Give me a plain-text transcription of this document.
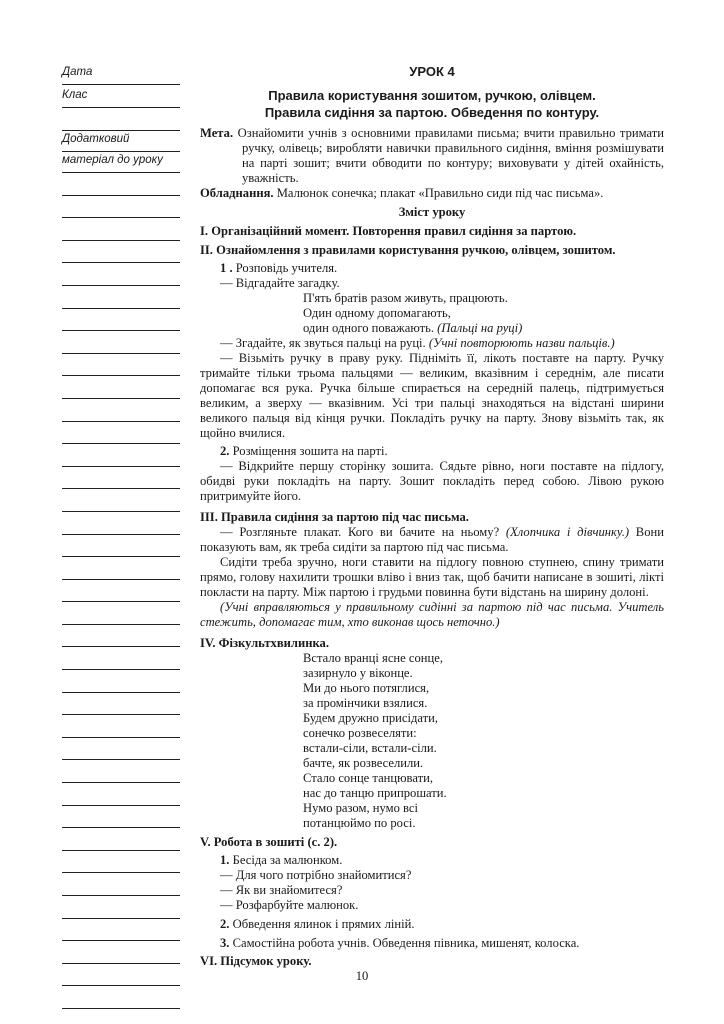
Дата
Клас
Додатковий
матеріал до уроку
УРОК 4
Правила користування зошитом, ручкою, олівцем.
Правила сидіння за партою. Обведення по контуру.
Мета. Ознайомити учнів з основними правилами письма; вчити правильно тримати ручку, олівець; виробляти навички правильного сидіння, вміння розмішувати на парті зошит; вчити обводити по контуру; виховувати у дітей охайність, уважність.
Обладнання. Малюнок сонечка; плакат «Правильно сиди під час письма».
Зміст уроку
І. Організаційний момент. Повторення правил сидіння за партою.
ІІ. Ознайомлення з правилами користування ручкою, олівцем, зошитом.
1 . Розповідь учителя.
— Відгадайте загадку.
П'ять братів разом живуть, працюють.
Один одному допомагають,
один одного поважають. (Пальці на руці)
— Згадайте, як звуться пальці на руці. (Учні повторюють назви пальців.)
— Візьміть ручку в праву руку. Підніміть її, лікоть поставте на парту. Ручку тримайте тільки трьома пальцями — великим, вказівним і середнім, але писати допомагає вся рука. Ручка більше спирається на середній палець, підтримується великим, а зверху — вказівним. Усі три пальці знаходяться на відстані ширини великого пальця від кінця ручки. Покладіть ручку на парту. Знову візьміть так, як щойно вчилися.
2. Розміщення зошита на парті.
— Відкрийте першу сторінку зошита. Сядьте рівно, ноги поставте на підлогу, обидві руки покладіть на парту. Зошит покладіть перед собою. Лівою рукою притримуйте його.
ІІІ. Правила сидіння за партою під час письма.
— Розгляньте плакат. Кого ви бачите на ньому? (Хлопчика і дівчинку.) Вони показують вам, як треба сидіти за партою під час письма.
Сидіти треба зручно, ноги ставити на підлогу повною ступнею, спину тримати прямо, голову нахилити трошки вліво і вниз так, щоб бачити написане в зошиті, лікті покласти на парту. Між партою і грудьми повинна бути відстань на ширину долоні.
(Учні вправляються у правильному сидінні за партою під час письма. Учитель стежить, допомагає тим, хто виконав щось неточно.)
IV. Фізкультхвилинка.
Встало вранці ясне сонце,
зазирнуло у віконце.
Ми до нього потяглися,
за промінчики взялися.
Будем дружно присідати,
сонечко розвеселяти:
встали-сіли, встали-сіли.
бачте, як розвеселили.
Стало сонце танцювати,
нас до танцю припрошати.
Нумо разом, нумо всі
потанцюймо по росі.
V. Робота в зошиті (с. 2).
1. Бесіда за малюнком.
— Для чого потрібно знайомитися?
— Як ви знайомитеся?
— Розфарбуйте малюнок.
2. Обведення ялинок і прямих ліній.
3. Самостійна робота учнів. Обведення півника, мишенят, колоска.
VI. Підсумок уроку.
10
